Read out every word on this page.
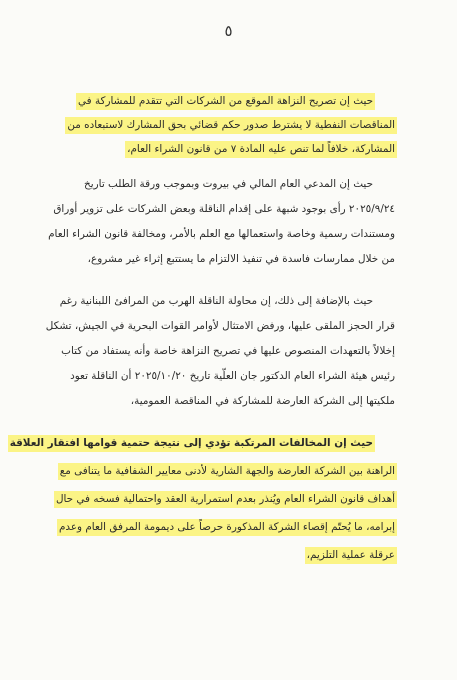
٥
حيث إن تصريح النزاهة الموقع من الشركات التي تتقدم للمشاركة في
المناقصات النفطية لا يشترط صدور حكم قضائي بحق المشارك لاستبعاده من
المشاركة، خلافاً لما تنص عليه المادة ٧ من قانون الشراء العام،
حيث إن المدعي العام المالي في بيروت وبموجب ورقة الطلب تاريخ
٢٠٢٥/٩/٢٤ رأى بوجود شبهة على إقدام الناقلة وبعض الشركات على تزوير أوراق
ومستندات رسمية وخاصة واستعمالها مع العلم بالأمر، ومخالفة قانون الشراء العام
من خلال ممارسات فاسدة في تنفيذ الالتزام ما يستتبع إثراء غير مشروع،
حيث بالإضافة إلى ذلك، إن محاولة الناقلة الهرب من المرافئ اللبنانية رغم
قرار الحجز الملقى عليها، ورفض الامتثال لأوامر القوات البحرية في الجيش، تشكل
إخلالاً بالتعهدات المنصوص عليها في تصريح النزاهة خاصة وأنه يستفاد من كتاب
رئيس هيئة الشراء العام الدكتور جان العلّية تاريخ ٢٠٢٥/١٠/٢٠ أن الناقلة تعود
ملكيتها إلى الشركة العارضة للمشاركة في المناقصة العمومية،
حيث إن المخالفات المرتكبة تؤدي إلى نتيجة حتمية قوامها افتقار العلاقة
الراهنة بين الشركة العارضة والجهة الشارية لأدنى معايير الشفافية ما يتنافى مع
أهداف قانون الشراء العام ويُنذر بعدم استمرارية العقد واحتمالية فسخه في حال
إبرامه، ما يُحتّم إقصاء الشركة المذكورة حرصاً على ديمومة المرفق العام وعدم
عرقلة عملية التلزيم،
